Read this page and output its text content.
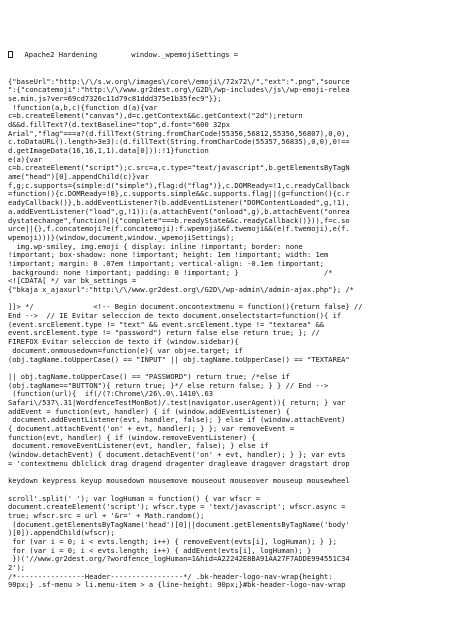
Apache2 Hardening        window._wpemojiSettings =

{"baseUrl":"http:\/\/s.w.org\/images\/core\/emoji\/72x72\/","ext":".png","source
":{"concatemoji":"http:\/\/www.gr2dest.org\/G2D\/wp-includes\/js\/wp-emoji-relea
se.min.js?ver=69cd7326c11d79c81ddd375e1b35fec9"}};
!function(a,b,c){function d(a){var
c=b.createElement("canvas"),d=c.getContext&&c.getContext("2d");return
d&&d.fillText?(d.textBaseline="top",d.font="600 32px
Arial","flag"===a?(d.fillText(String.fromCharCode(55356,56812,55356,56807),0,0),
c.toDataURL().length>3e3):(d.fillText(String.fromCharCode(55357,56835),0,0),0!==
d.getImageData(16,16,1,1).data[0])):!1}function
e(a){var
c=b.createElement("script");c.src=a,c.type="text/javascript",b.getElementsByTagN
ame("head")[0].appendChild(c)}var
f,g;c.supports={simple:d("simple"),flag:d("flag")},c.DOMReady=!1,c.readyCallback
=function(){c.DOMReady=!0},c.supports.simple&&c.supports.flag||(g=function(){c.r
eadyCallback()},b.addEventListener?(b.addEventListener("DOMContentLoaded",g,!1),
a.addEventListener("load",g,!1)):(a.attachEvent("onload",g),b.attachEvent("onrea
dystatechange",function(){"complete"===b.readyState&&c.readyCallback()})),f=c.so
urce||{},f.concatemoji?e(f.concatemoji):f.wpemoji&&f.twemoji&&(e(f.twemoji),e(f.
wpemoji)))}(window,document,window._wpemojiSettings);
img.wp-smiley, img.emoji { display: inline !important; border: none
!important; box-shadow: none !important; height: 1em !important; width: 1em
!important; margin: 0 .07em !important; vertical-align: -0.1em !important;
background: none !important; padding: 0 !important; }                    /*
<![CDATA[ */ var bk_settings =
{"bkaja x_ajaxurl":"http:\/\/www.gr2dest.org\/G2D\/wp-admin\/admin-ajax.php"}; /*
]]> */              <!-- Begin document.oncontextmenu = function(){return false} //
End -->  // IE Evitar seleccion de texto document.onselectstart=function(){ if
(event.srcElement.type != "text" && event.srcElement.type != "textarea" &&
event.srcElement.type != "password") return false else return true; }; //
FIREFOX Evitar seleccion de texto if (window.sidebar){
document.onmousedown=function(e){ var obj=e.target; if
(obj.tagName.toUpperCase() == "INPUT" || obj.tagName.toUpperCase() == "TEXTAREA"
|| obj.tagName.toUpperCase() == "PASSWORD") return true; /*else if
(obj.tagName=="BUTTON"){ return true; }*/ else return false; } } // End -->
(function(url){  if(/(?:Chrome\/26\.0\.1410\.63
Safari\/537\.31|WordfenceTestMonBot)/.test(navigator.userAgent)){ return; } var
addEvent = function(evt, handler) { if (window.addEventListener) {
document.addEventListener(evt, handler, false); } else if (window.attachEvent)
{ document.attachEvent('on' + evt, handler); } }; var removeEvent =
function(evt, handler) { if (window.removeEventListener) {
document.removeEventListener(evt, handler, false); } else if
(window.detachEvent) { document.detachEvent('on' + evt, handler); } }; var evts
= 'contextmenu dblclick drag dragend dragenter dragleave dragover dragstart drop
keydown keypress keyup mousedown mousemove mouseout mouseover mouseup mousewheel
scroll'.split(' '); var logHuman = function() { var wfscr =
document.createElement('script'); wfscr.type = 'text/javascript'; wfscr.async =
true; wfscr.src = url + '&r=' + Math.random();
(document.getElementsByTagName('head')[0]||document.getElementsByTagName('body'
)[0]).appendChild(wfscr);
for (var i = 0; i < evts.length; i++) { removeEvent(evts[i], logHuman); } };
for (var i = 0; i < evts.length; i++) { addEvent(evts[i], logHuman); }
})('//www.gr2dest.org/?wordfence_logHuman=1&hid=A22242E8BA91AA27F7ADDE994551C34
2');
/*----------------Header-----------------*/ .bk-header-logo-nav-wrap{height:
90px;} .sf-menu > li.menu-item > a {line-height: 90px;}#bk-header-logo-nav-wrap
